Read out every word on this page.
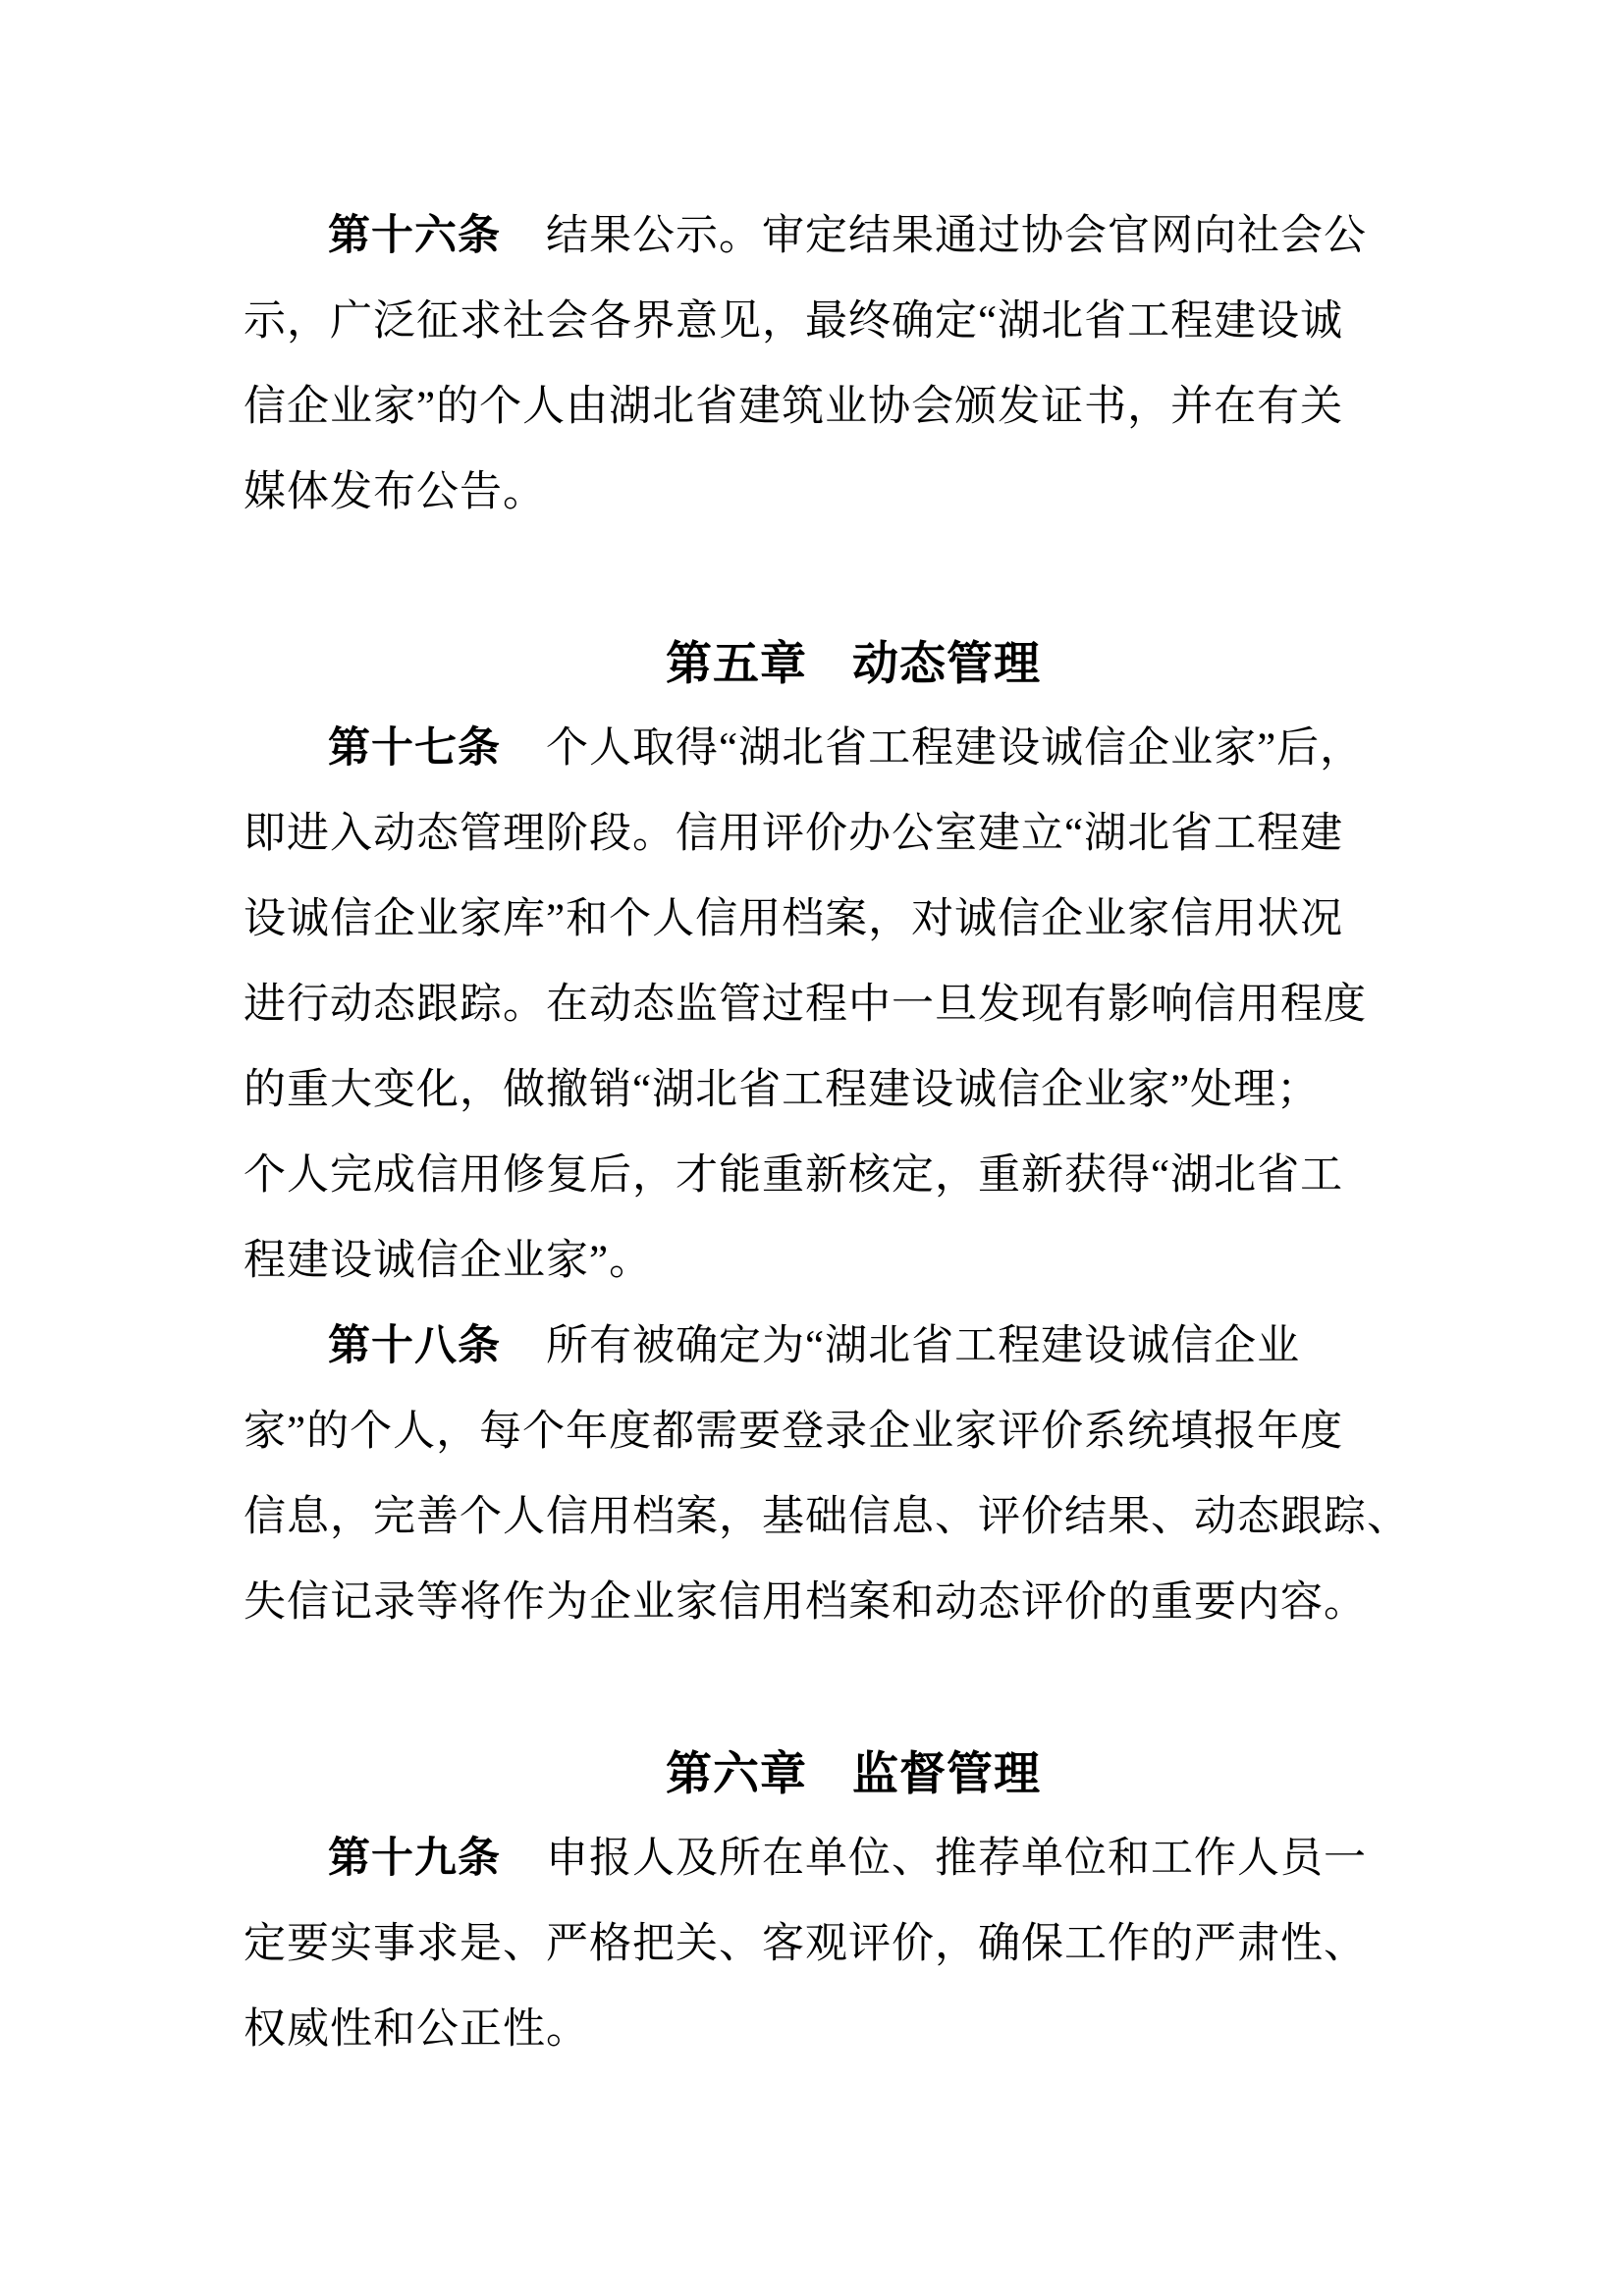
第十六条 结果公示。审定结果通过协会官网向社会公
示，广泛征求社会各界意见，最终确定“湖北省工程建设诚
信企业家”的个人由湖北省建筑业协会颁发证书，并在有关
媒体发布公告。
第五章 动态管理
第十七条 个人取得“湖北省工程建设诚信企业家”后，
即进入动态管理阶段。信用评价办公室建立“湖北省工程建
设诚信企业家库”和个人信用档案，对诚信企业家信用状况
进行动态跟踪。在动态监管过程中一旦发现有影响信用程度
的重大变化，做撤销“湖北省工程建设诚信企业家”处理；
个人完成信用修复后，才能重新核定，重新获得“湖北省工
程建设诚信企业家”。
第十八条 所有被确定为“湖北省工程建设诚信企业
家”的个人，每个年度都需要登录企业家评价系统填报年度
信息，完善个人信用档案，基础信息、评价结果、动态跟踪、
失信记录等将作为企业家信用档案和动态评价的重要内容。
第六章 监督管理
第十九条 申报人及所在单位、推荐单位和工作人员一
定要实事求是、严格把关、客观评价，确保工作的严肃性、
权威性和公正性。
